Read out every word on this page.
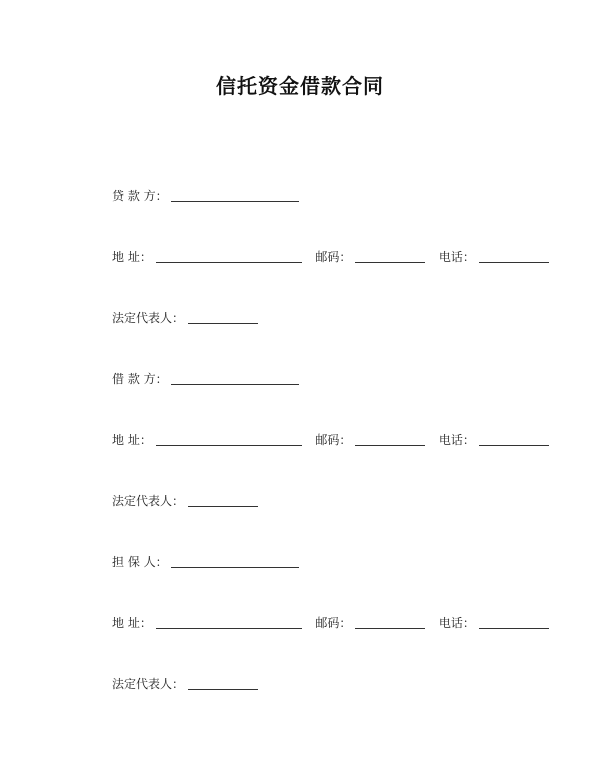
信托资金借款合同
贷 款 方：
地 址：	邮码：	电话：
法定代表人：
借 款 方：
地 址：	邮码：	电话：
法定代表人：
担 保 人：
地 址：	邮码：	电话：
法定代表人：
